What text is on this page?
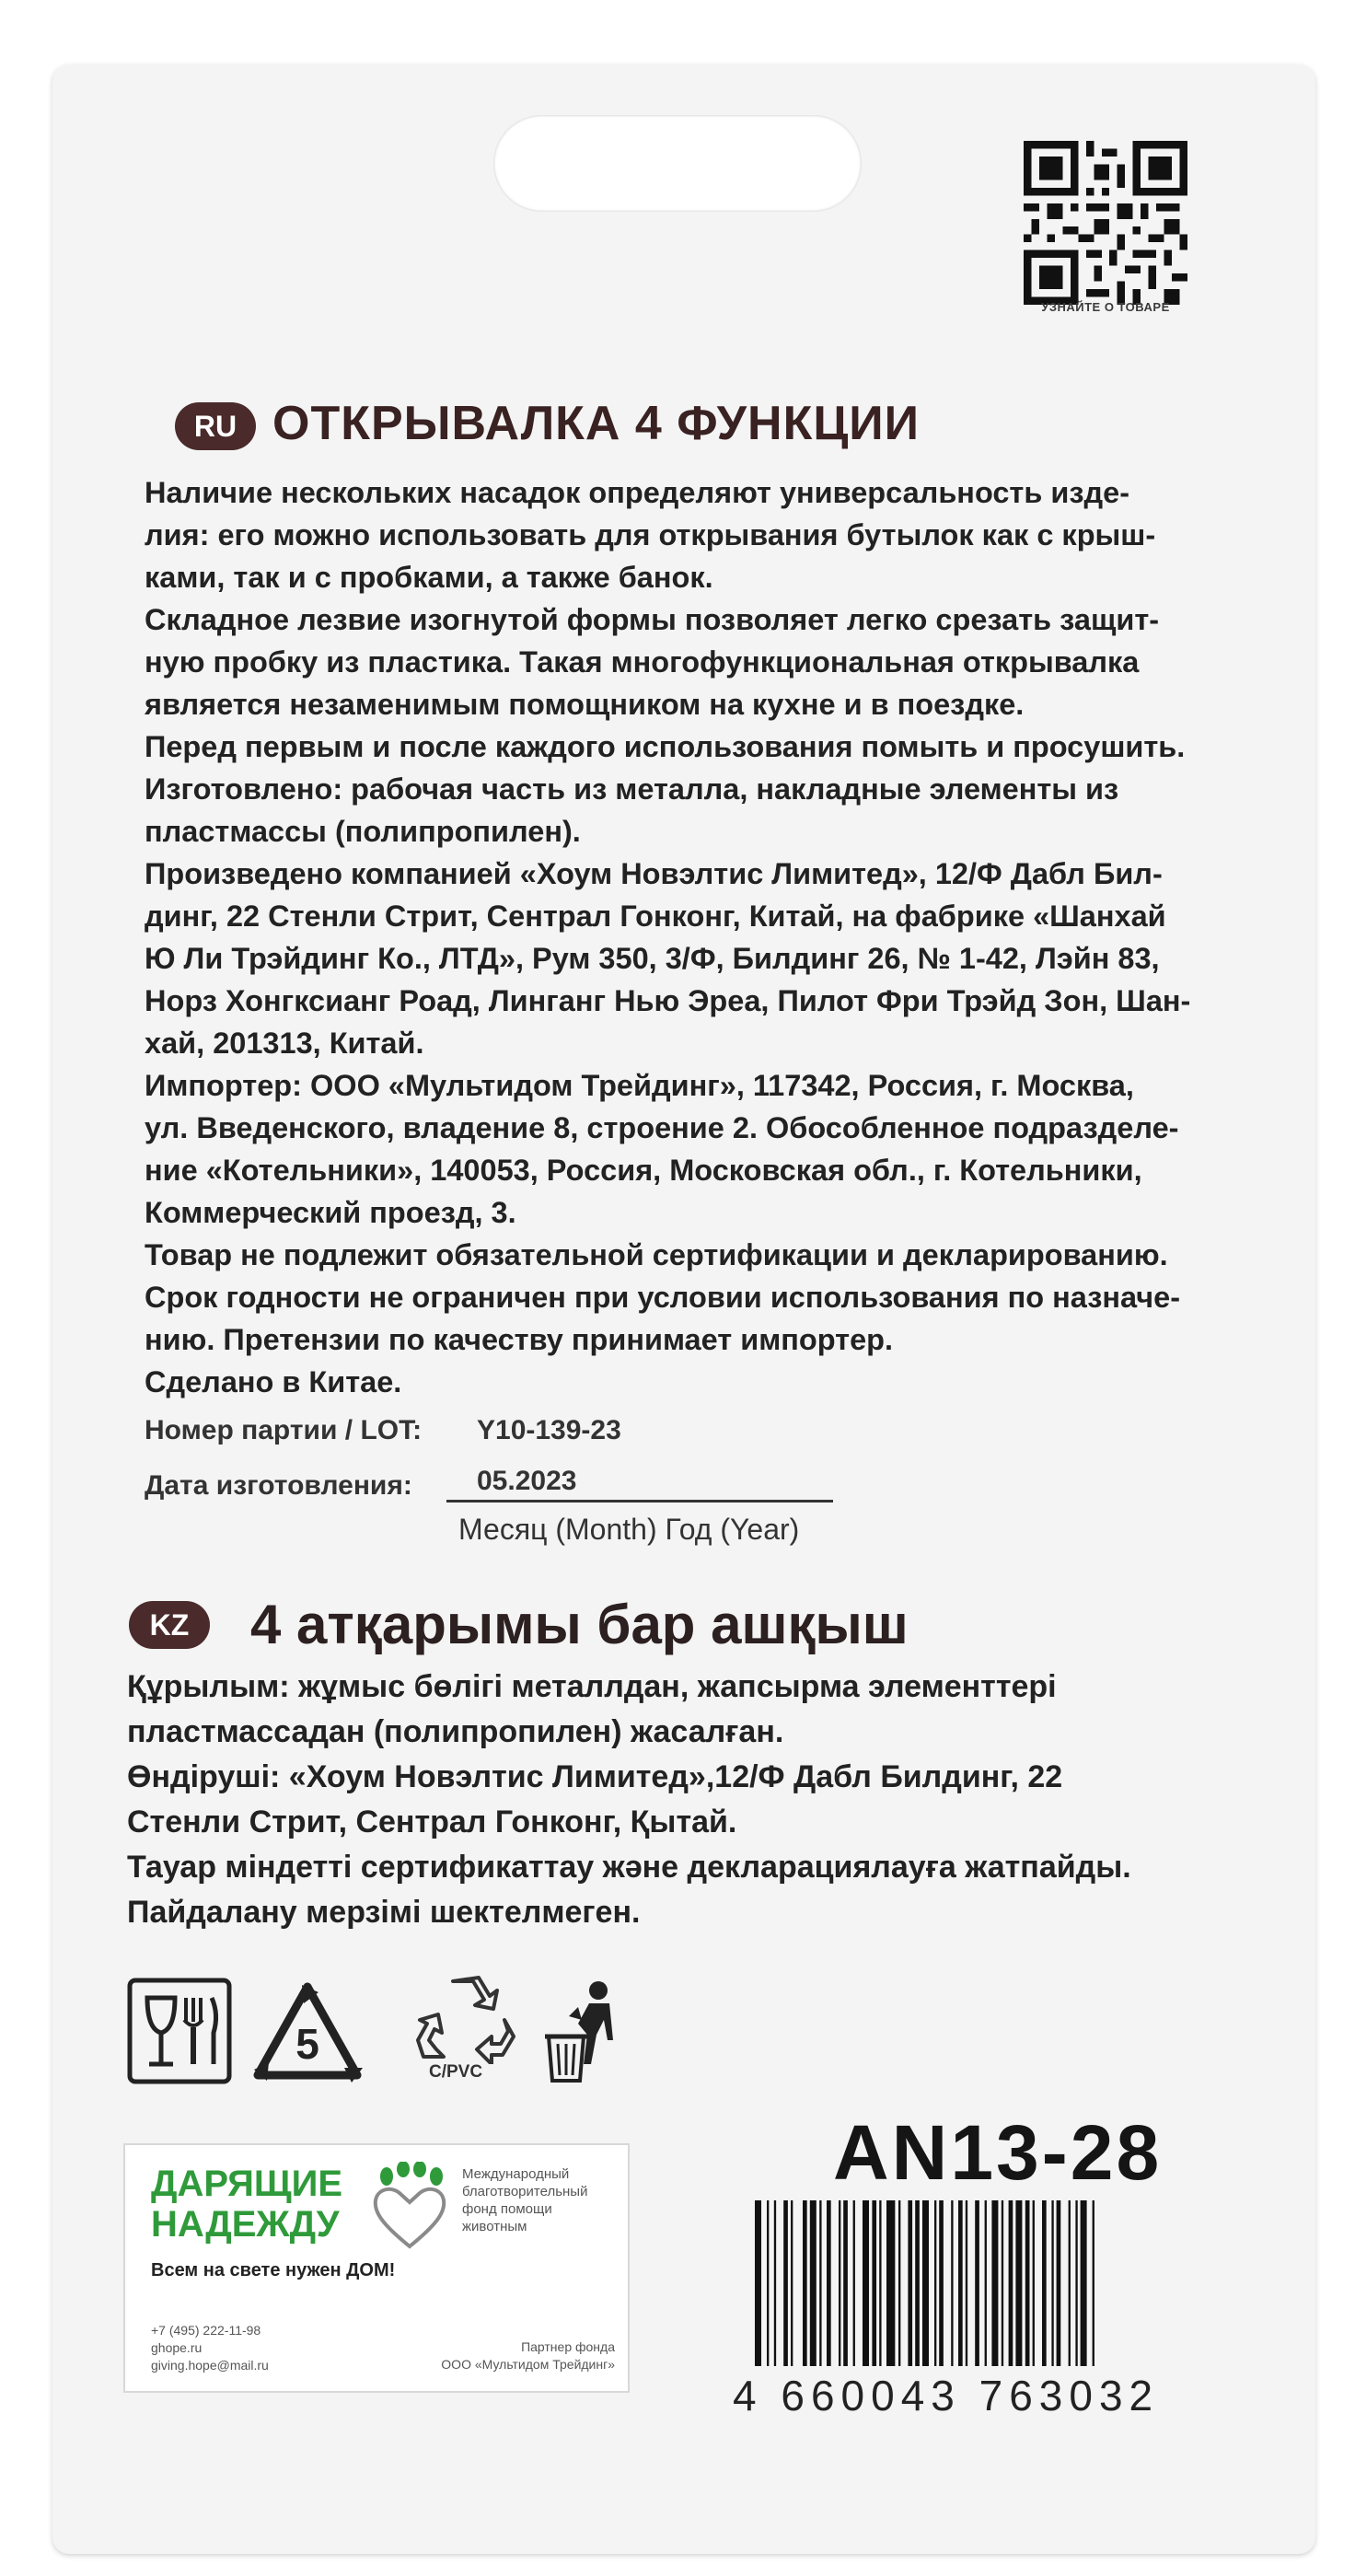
УЗНАЙТЕ О ТОВАРЕ
RU ОТКРЫВАЛКА 4 ФУНКЦИИ

Наличие нескольких насадок определяют универсальность изде-

лия: его можно использовать для открывания бутылок как с крыш-

ками, так и с пробками, а также банок.

Складное лезвие изогнутой формы позволяет легко срезать защит-

ную пробку из пластика. Такая многофункциональная открывалка

является незаменимым помощником на кухне и в поездке.

Перед первым и после каждого использования помыть и просушить.

Изготовлено: рабочая часть из металла, накладные элементы из

пластмассы (полипропилен).

Произведено компанией «Хоум Новэлтис Лимитед», 12/Ф Дабл Бил-

динг, 22 Стенли Стрит, Сентрал Гонконг, Китай, на фабрике «Шанхай

Ю Ли Трэйдинг Ко., ЛТД», Рум 350, 3/Ф, Билдинг 26, № 1-42, Лэйн 83,

Норз Хонгксианг Роад, Линганг Нью Эреа, Пилот Фри Трэйд Зон, Шан-

хай, 201313, Китай.

Импортер: ООО «Мультидом Трейдинг», 117342, Россия, г. Москва,

ул. Введенского, владение 8, строение 2. Обособленное подразделе-

ние «Котельники», 140053, Россия, Московская обл., г. Котельники,

Коммерческий проезд, 3.

Товар не подлежит обязательной сертификации и декларированию.

Срок годности не ограничен при условии использования по назначе-

нию. Претензии по качеству принимает импортер.

Сделано в Китае.

Номер партии / LOT: Y10-139-23
Дата изготовления: 05.2023
Месяц (Month) Год (Year)
KZ	4 атқарымы бар ашқыш

Құрылым: жұмыс бөлігі металлдан, жапсырма элементтері

пластмассадан (полипропилен) жасалған.

Өндіруші: «Хоум Новэлтис Лимитед»,12/Ф Дабл Билдинг, 22

Стенли Стрит, Сентрал Гонконг, Қытай.

Тауар міндетті сертификаттау және декларациялауға жатпайды.

Пайдалану мерзімі шектелмеген.

5
C/PVC
AN13-28
4 660043 763032
ДАРЯЩИЕ
НАДЕЖДУ
Международный благотворительный фонд помощи животным
Всем на свете нужен ДОМ!
+7 (495) 222-11-98
ghope.ru
giving.hope@mail.ru
Партнер фонда
ООО «Мультидом Трейдинг»
